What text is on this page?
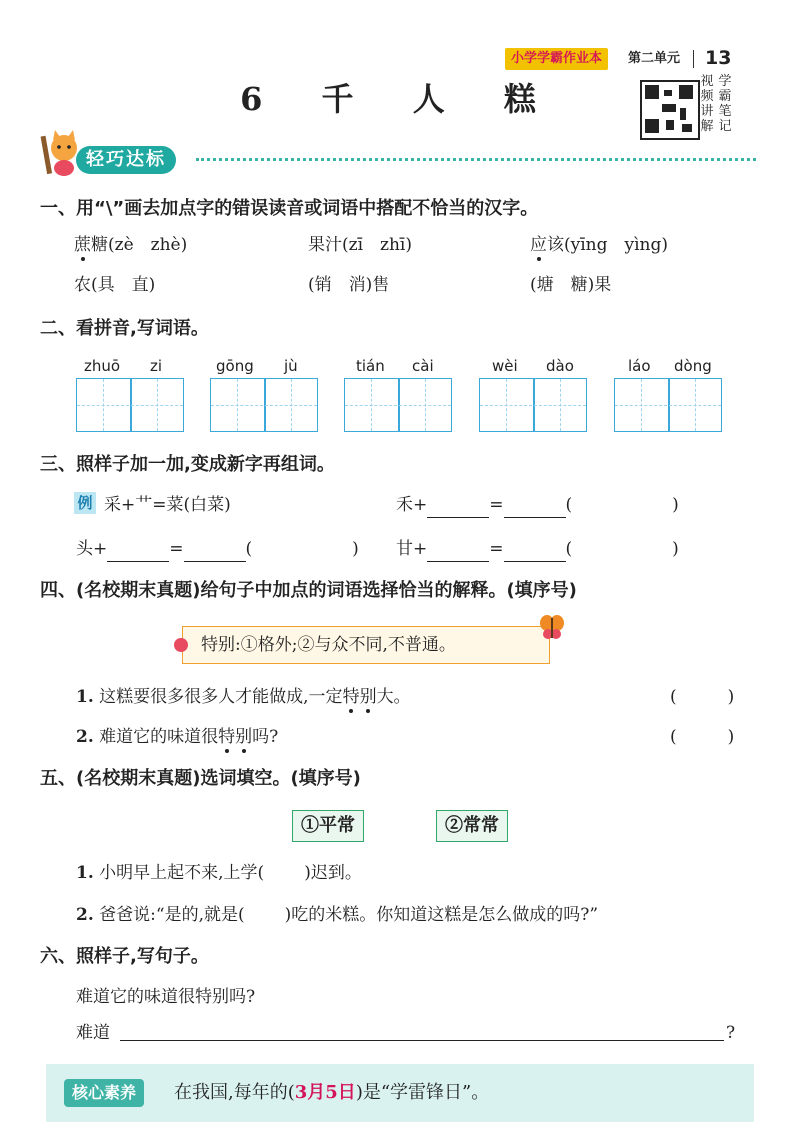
小学学霸作业本	第二单元 13
6 千 人 糕	视
频
讲
解
学
霸
笔
记
轻巧达标
一、用“\”画去加点字的错误读音或词语中搭配不恰当的汉字。
蔗糖(zè　zhè)	果汁(zī　zhī)	应该(yīng　yìng)
农(具　直)	(销　消)售	(塘　糖)果
二、看拼音,写词语。
zhuō zi	gōng jù	tián cài	wèi dào	láo dòng
三、照样子加一加,变成新字再组词。
例 采+艹=菜(白菜)	禾+	=	(	)
头+	=	(	) 甘+	=	(	)
四、(名校期末真题)给句子中加点的词语选择恰当的解释。(填序号)
特别:①格外;②与众不同,不普通。
1. 这糕要很多很多人才能做成,一定特别大。	(　　　)
2. 难道它的味道很特别吗?	(　　　)
五、(名校期末真题)选词填空。(填序号)
①平常	②常常
1. 小明早上起不来,上学( )迟到。
2. 爸爸说:“是的,就是( )吃的米糕。你知道这糕是怎么做成的吗?”
六、照样子,写句子。
难道它的味道很特别吗?
难道	?
核心素养	在我国,每年的(3月5日)是“学雷锋日”。
